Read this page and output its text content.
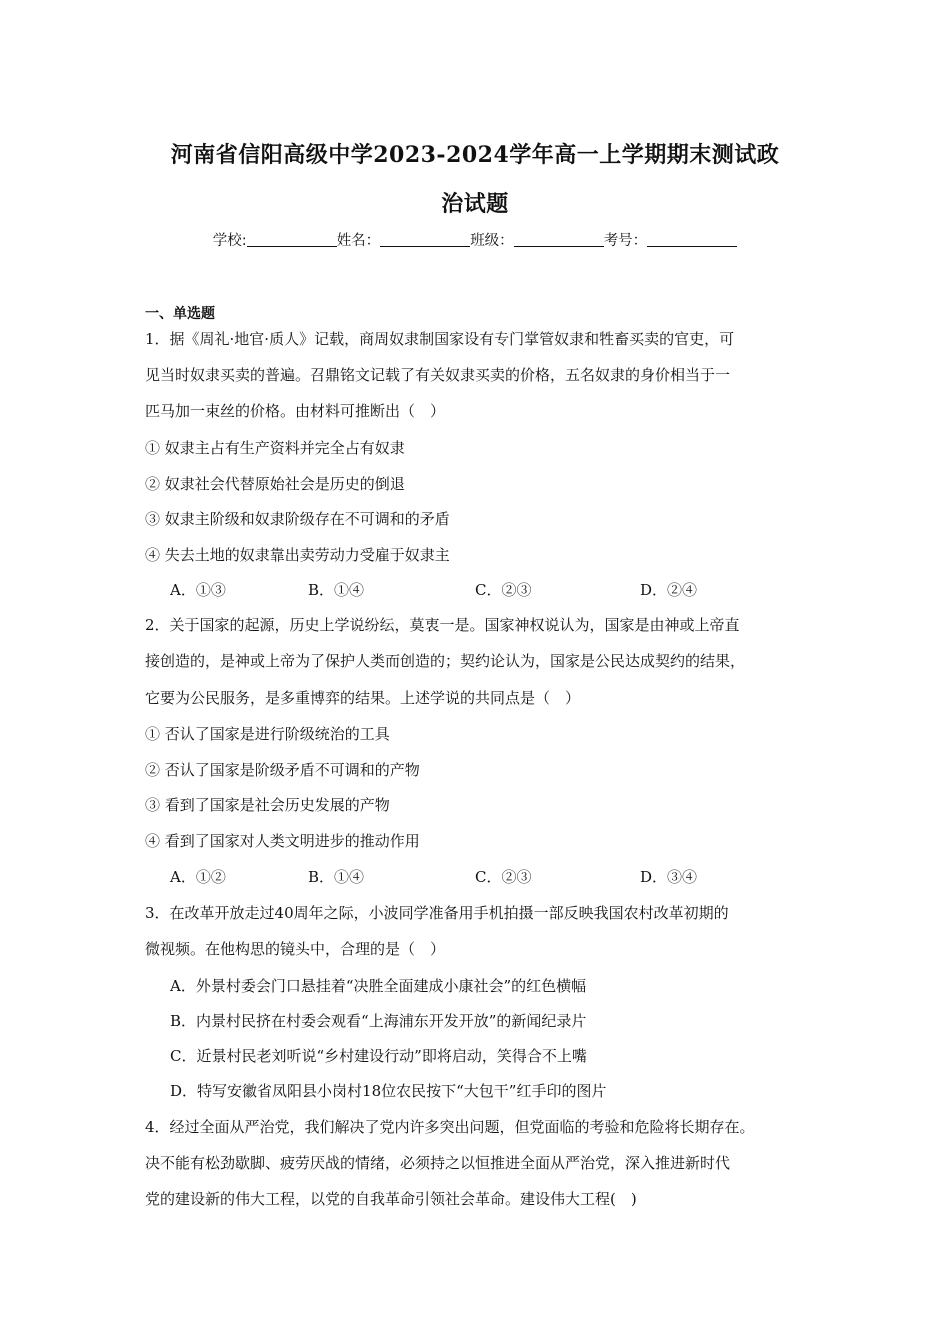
河南省信阳高级中学2023-2024学年高一上学期期末测试政
治试题
学校:	姓名：	班级：	考号：
一、单选题
1．据《周礼·地官·质人》记载，商周奴隶制国家设有专门掌管奴隶和牲畜买卖的官吏，可
见当时奴隶买卖的普遍。召鼎铭文记载了有关奴隶买卖的价格，五名奴隶的身价相当于一
匹马加一束丝的价格。由材料可推断出（　）
① 奴隶主占有生产资料并完全占有奴隶
② 奴隶社会代替原始社会是历史的倒退
③ 奴隶主阶级和奴隶阶级存在不可调和的矛盾
④ 失去土地的奴隶靠出卖劳动力受雇于奴隶主
A．①③	B．①④	C．②③	D．②④
2．关于国家的起源，历史上学说纷纭，莫衷一是。国家神权说认为，国家是由神或上帝直
接创造的，是神或上帝为了保护人类而创造的；契约论认为，国家是公民达成契约的结果，
它要为公民服务，是多重博弈的结果。上述学说的共同点是（　）
① 否认了国家是进行阶级统治的工具
② 否认了国家是阶级矛盾不可调和的产物
③ 看到了国家是社会历史发展的产物
④ 看到了国家对人类文明进步的推动作用
A．①②	B．①④	C．②③	D．③④
3．在改革开放走过40周年之际，小波同学准备用手机拍摄一部反映我国农村改革初期的
微视频。在他构思的镜头中，合理的是（　）
A．外景村委会门口悬挂着“决胜全面建成小康社会”的红色横幅
B．内景村民挤在村委会观看“上海浦东开发开放”的新闻纪录片
C．近景村民老刘听说“乡村建设行动”即将启动，笑得合不上嘴
D．特写安徽省凤阳县小岗村18位农民按下“大包干”红手印的图片
4．经过全面从严治党，我们解决了党内许多突出问题，但党面临的考验和危险将长期存在。
决不能有松劲歇脚、疲劳厌战的情绪，必须持之以恒推进全面从严治党，深入推进新时代
党的建设新的伟大工程，以党的自我革命引领社会革命。建设伟大工程(　)
